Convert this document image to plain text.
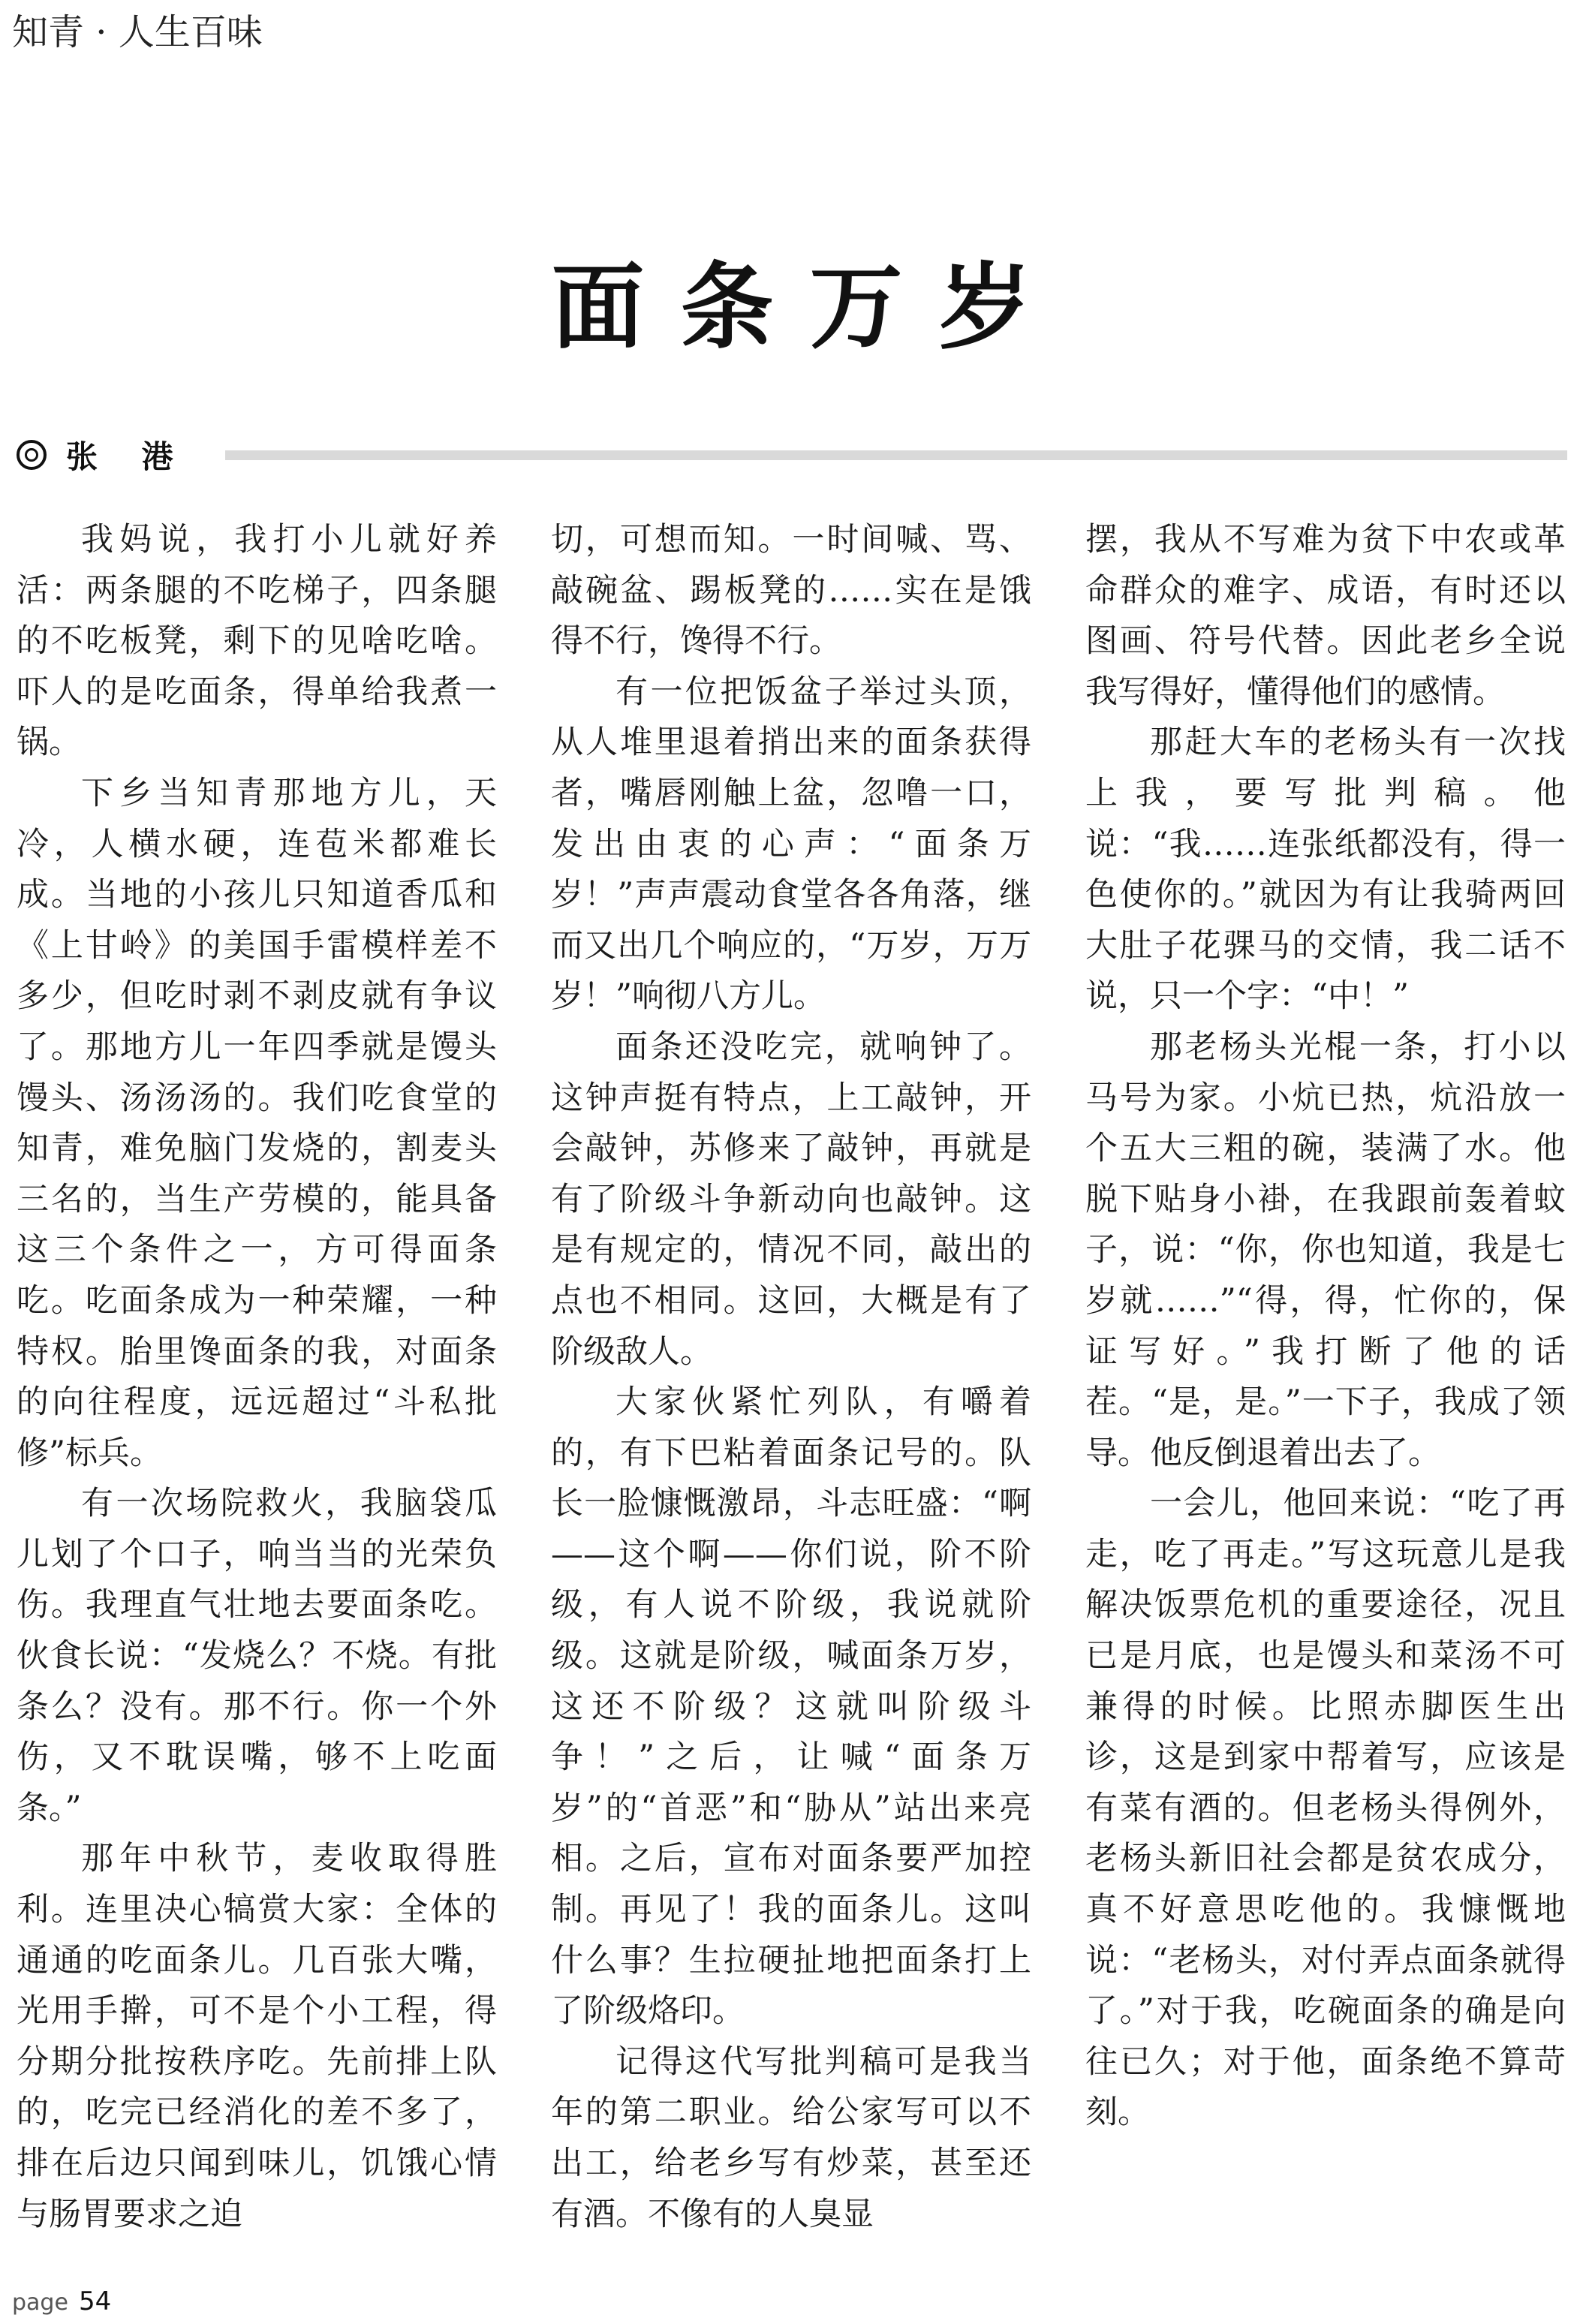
知青 · 人生百味
面条万岁
张 港

我妈说，我打小儿就好养活：两条腿的不吃梯子，四条腿的不吃板凳，剩下的见啥吃啥。吓人的是吃面条，得单给我煮一锅。

下乡当知青那地方儿，天冷，人横水硬，连苞米都难长成。当地的小孩儿只知道香瓜和《上甘岭》的美国手雷模样差不多少，但吃时剥不剥皮就有争议了。那地方儿一年四季就是馒头馒头、汤汤汤的。我们吃食堂的知青，难免脑门发烧的，割麦头三名的，当生产劳模的，能具备这三个条件之一，方可得面条吃。吃面条成为一种荣耀，一种特权。胎里馋面条的我，对面条的向往程度，远远超过“斗私批修”标兵。

有一次场院救火，我脑袋瓜儿划了个口子，响当当的光荣负伤。我理直气壮地去要面条吃。伙食长说：“发烧么？不烧。有批条么？没有。那不行。你一个外伤，又不耽误嘴，够不上吃面条。”

那年中秋节，麦收取得胜利。连里决心犒赏大家：全体的通通的吃面条儿。几百张大嘴，光用手擀，可不是个小工程，得分期分批按秩序吃。先前排上队的，吃完已经消化的差不多了，排在后边只闻到味儿，饥饿心情与肠胃要求之迫

切，可想而知。一时间喊、骂、敲碗盆、踢板凳的……实在是饿得不行，馋得不行。

有一位把饭盆子举过头顶，从人堆里退着捎出来的面条获得者，嘴唇刚触上盆，忽噜一口，发出由衷的心声：“面条万岁！”声声震动食堂各各角落，继而又出几个响应的，“万岁，万万岁！”响彻八方儿。

面条还没吃完，就响钟了。这钟声挺有特点，上工敲钟，开会敲钟，苏修来了敲钟，再就是有了阶级斗争新动向也敲钟。这是有规定的，情况不同，敲出的点也不相同。这回，大概是有了阶级敌人。

大家伙紧忙列队，有嚼着的，有下巴粘着面条记号的。队长一脸慷慨激昂，斗志旺盛：“啊——这个啊——你们说，阶不阶级，有人说不阶级，我说就阶级。这就是阶级，喊面条万岁，这还不阶级？这就叫阶级斗争！”之后，让喊“面条万岁”的“首恶”和“胁从”站出来亮相。之后，宣布对面条要严加控制。再见了！我的面条儿。这叫什么事？生拉硬扯地把面条打上了阶级烙印。

记得这代写批判稿可是我当年的第二职业。给公家写可以不出工，给老乡写有炒菜，甚至还有酒。不像有的人臭显

摆，我从不写难为贫下中农或革命群众的难字、成语，有时还以图画、符号代替。因此老乡全说我写得好，懂得他们的感情。

那赶大车的老杨头有一次找上我，要写批判稿。他说：“我……连张纸都没有，得一色使你的。”就因为有让我骑两回大肚子花骒马的交情，我二话不说，只一个字：“中！”

那老杨头光棍一条，打小以马号为家。小炕已热，炕沿放一个五大三粗的碗，装满了水。他脱下贴身小褂，在我跟前轰着蚊子，说：“你，你也知道，我是七岁就……”“得，得，忙你的，保证写好。”我打断了他的话茬。“是，是。”一下子，我成了领导。他反倒退着出去了。

一会儿，他回来说：“吃了再走，吃了再走。”写这玩意儿是我解决饭票危机的重要途径，况且已是月底，也是馒头和菜汤不可兼得的时候。比照赤脚医生出诊，这是到家中帮着写，应该是有菜有酒的。但老杨头得例外，老杨头新旧社会都是贫农成分，真不好意思吃他的。我慷慨地说：“老杨头，对付弄点面条就得了。”对于我，吃碗面条的确是向往已久；对于他，面条绝不算苛刻。

page 54
